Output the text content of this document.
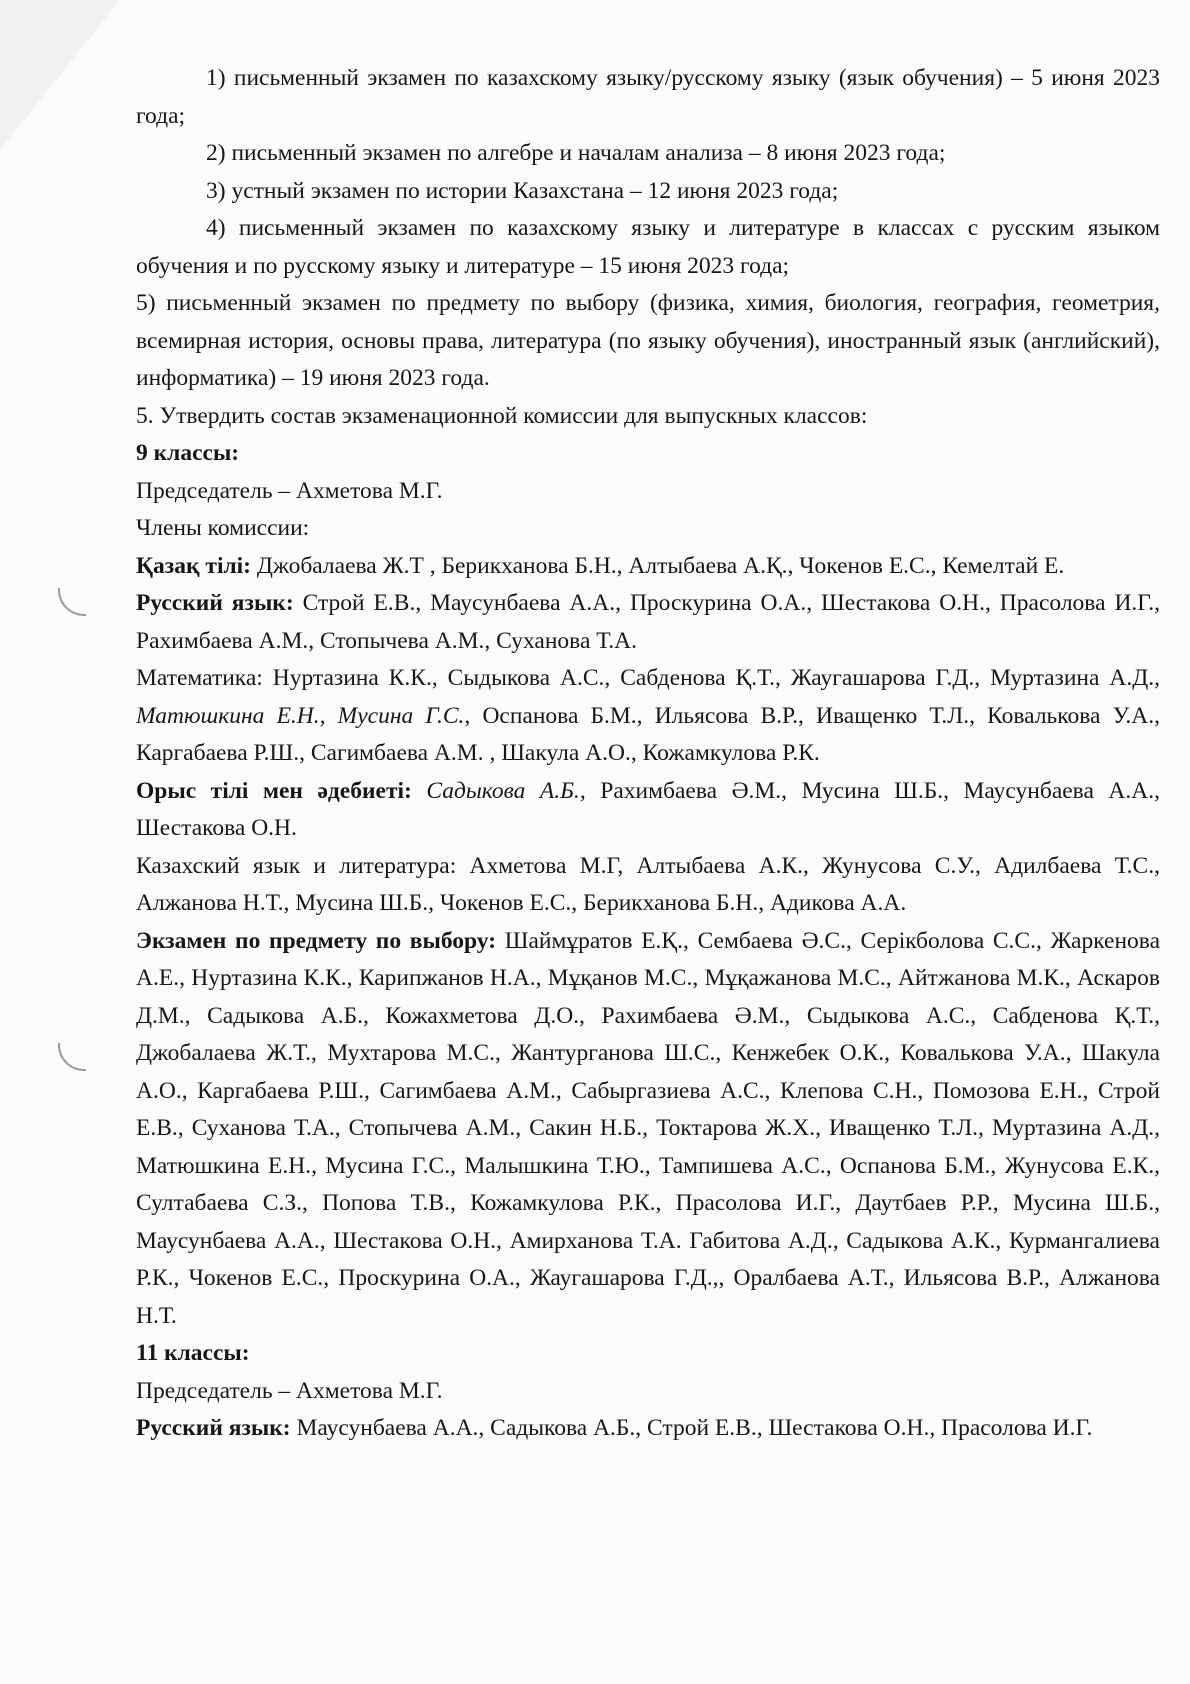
1) письменный экзамен по казахскому языку/русскому языку (язык обучения) – 5 июня 2023 года;

2) письменный экзамен по алгебре и началам анализа – 8 июня 2023 года;

3) устный экзамен по истории Казахстана – 12 июня 2023 года;

4) письменный экзамен по казахскому языку и литературе в классах с русским языком обучения и по русскому языку и литературе – 15 июня 2023 года;

5) письменный экзамен по предмету по выбору (физика, химия, биология, география, геометрия, всемирная история, основы права, литература (по языку обучения), иностранный язык (английский), информатика) – 19 июня 2023 года.

5. Утвердить состав экзаменационной комиссии для выпускных классов:

9 классы:

Председатель – Ахметова М.Г.

Члены комиссии:

Қазақ тілі: Джобалаева Ж.Т , Берикханова Б.Н., Алтыбаева А.Қ., Чокенов Е.С., Кемелтай Е.

Русский язык: Строй Е.В., Маусунбаева А.А., Проскурина О.А., Шестакова О.Н., Прасолова И.Г., Рахимбаева А.М., Стопычева А.М., Суханова Т.А.

Математика: Нуртазина К.К., Сыдыкова А.С., Сабденова Қ.Т., Жаугашарова Г.Д., Муртазина А.Д., Матюшкина Е.Н., Мусина Г.С., Оспанова Б.М., Ильясова В.Р., Иващенко Т.Л., Ковалькова У.А., Каргабаева Р.Ш., Сагимбаева А.М. , Шакула А.О., Кожамкулова Р.К.

Орыс тілі мен әдебиеті: Садыкова А.Б., Рахимбаева Ә.М., Мусина Ш.Б., Маусунбаева А.А., Шестакова О.Н.

Казахский язык и литература: Ахметова М.Г, Алтыбаева А.К., Жунусова С.У., Адилбаева Т.С., Алжанова Н.Т., Мусина Ш.Б., Чокенов Е.С., Берикханова Б.Н., Адикова А.А.

Экзамен по предмету по выбору: Шаймұратов Е.Қ., Сембаева Ә.С., Серікболова С.С., Жаркенова А.Е., Нуртазина К.К., Карипжанов Н.А., Мұқанов М.С., Мұқажанова М.С., Айтжанова М.К., Аскаров Д.М., Садыкова А.Б., Кожахметова Д.О., Рахимбаева Ә.М., Сыдыкова А.С., Сабденова Қ.Т., Джобалаева Ж.Т., Мухтарова М.С., Жантурганова Ш.С., Кенжебек О.К., Ковалькова У.А., Шакула А.О., Каргабаева Р.Ш., Сагимбаева А.М., Сабыргазиева А.С., Клепова С.Н., Помозова Е.Н., Строй Е.В., Суханова Т.А., Стопычева А.М., Сакин Н.Б., Токтарова Ж.Х., Иващенко Т.Л., Муртазина А.Д., Матюшкина Е.Н., Мусина Г.С., Малышкина Т.Ю., Тампишева А.С., Оспанова Б.М., Жунусова Е.К., Султабаева С.З., Попова Т.В., Кожамкулова Р.К., Прасолова И.Г., Даутбаев Р.Р., Мусина Ш.Б., Маусунбаева А.А., Шестакова О.Н., Амирханова Т.А. Габитова А.Д., Садыкова А.К., Курмангалиева Р.К., Чокенов Е.С., Проскурина О.А., Жаугашарова Г.Д.,, Оралбаева А.Т., Ильясова В.Р., Алжанова Н.Т.

11 классы:

Председатель – Ахметова М.Г.

Русский язык: Маусунбаева А.А., Садыкова А.Б., Строй Е.В., Шестакова О.Н., Прасолова И.Г.
